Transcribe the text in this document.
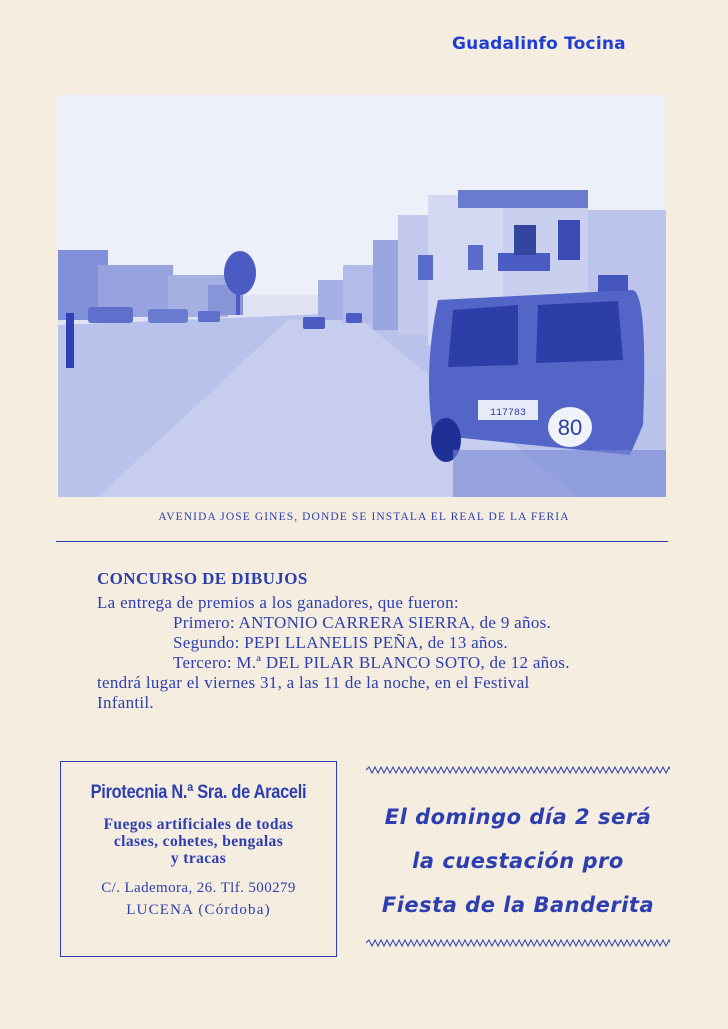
Guadalinfo Tocina
80
117783
AVENIDA JOSE GINES, DONDE SE INSTALA EL REAL DE LA FERIA
CONCURSO DE DIBUJOS
La entrega de premios a los ganadores, que fueron:
Primero: ANTONIO CARRERA SIERRA, de 9 años.
Segundo: PEPI LLANELIS PEÑA, de 13 años.
Tercero: M.ª DEL PILAR BLANCO SOTO, de 12 años.
tendrá lugar el viernes 31, a las 11 de la noche, en el Festival
Infantil.
Pirotecnia N.ª Sra. de Araceli
Fuegos artificiales de todas
clases, cohetes, bengalas
y tracas
C/. Lademora, 26. Tlf. 500279
LUCENA (Córdoba)
El domingo día 2 será
la cuestación pro
Fiesta de la Banderita
